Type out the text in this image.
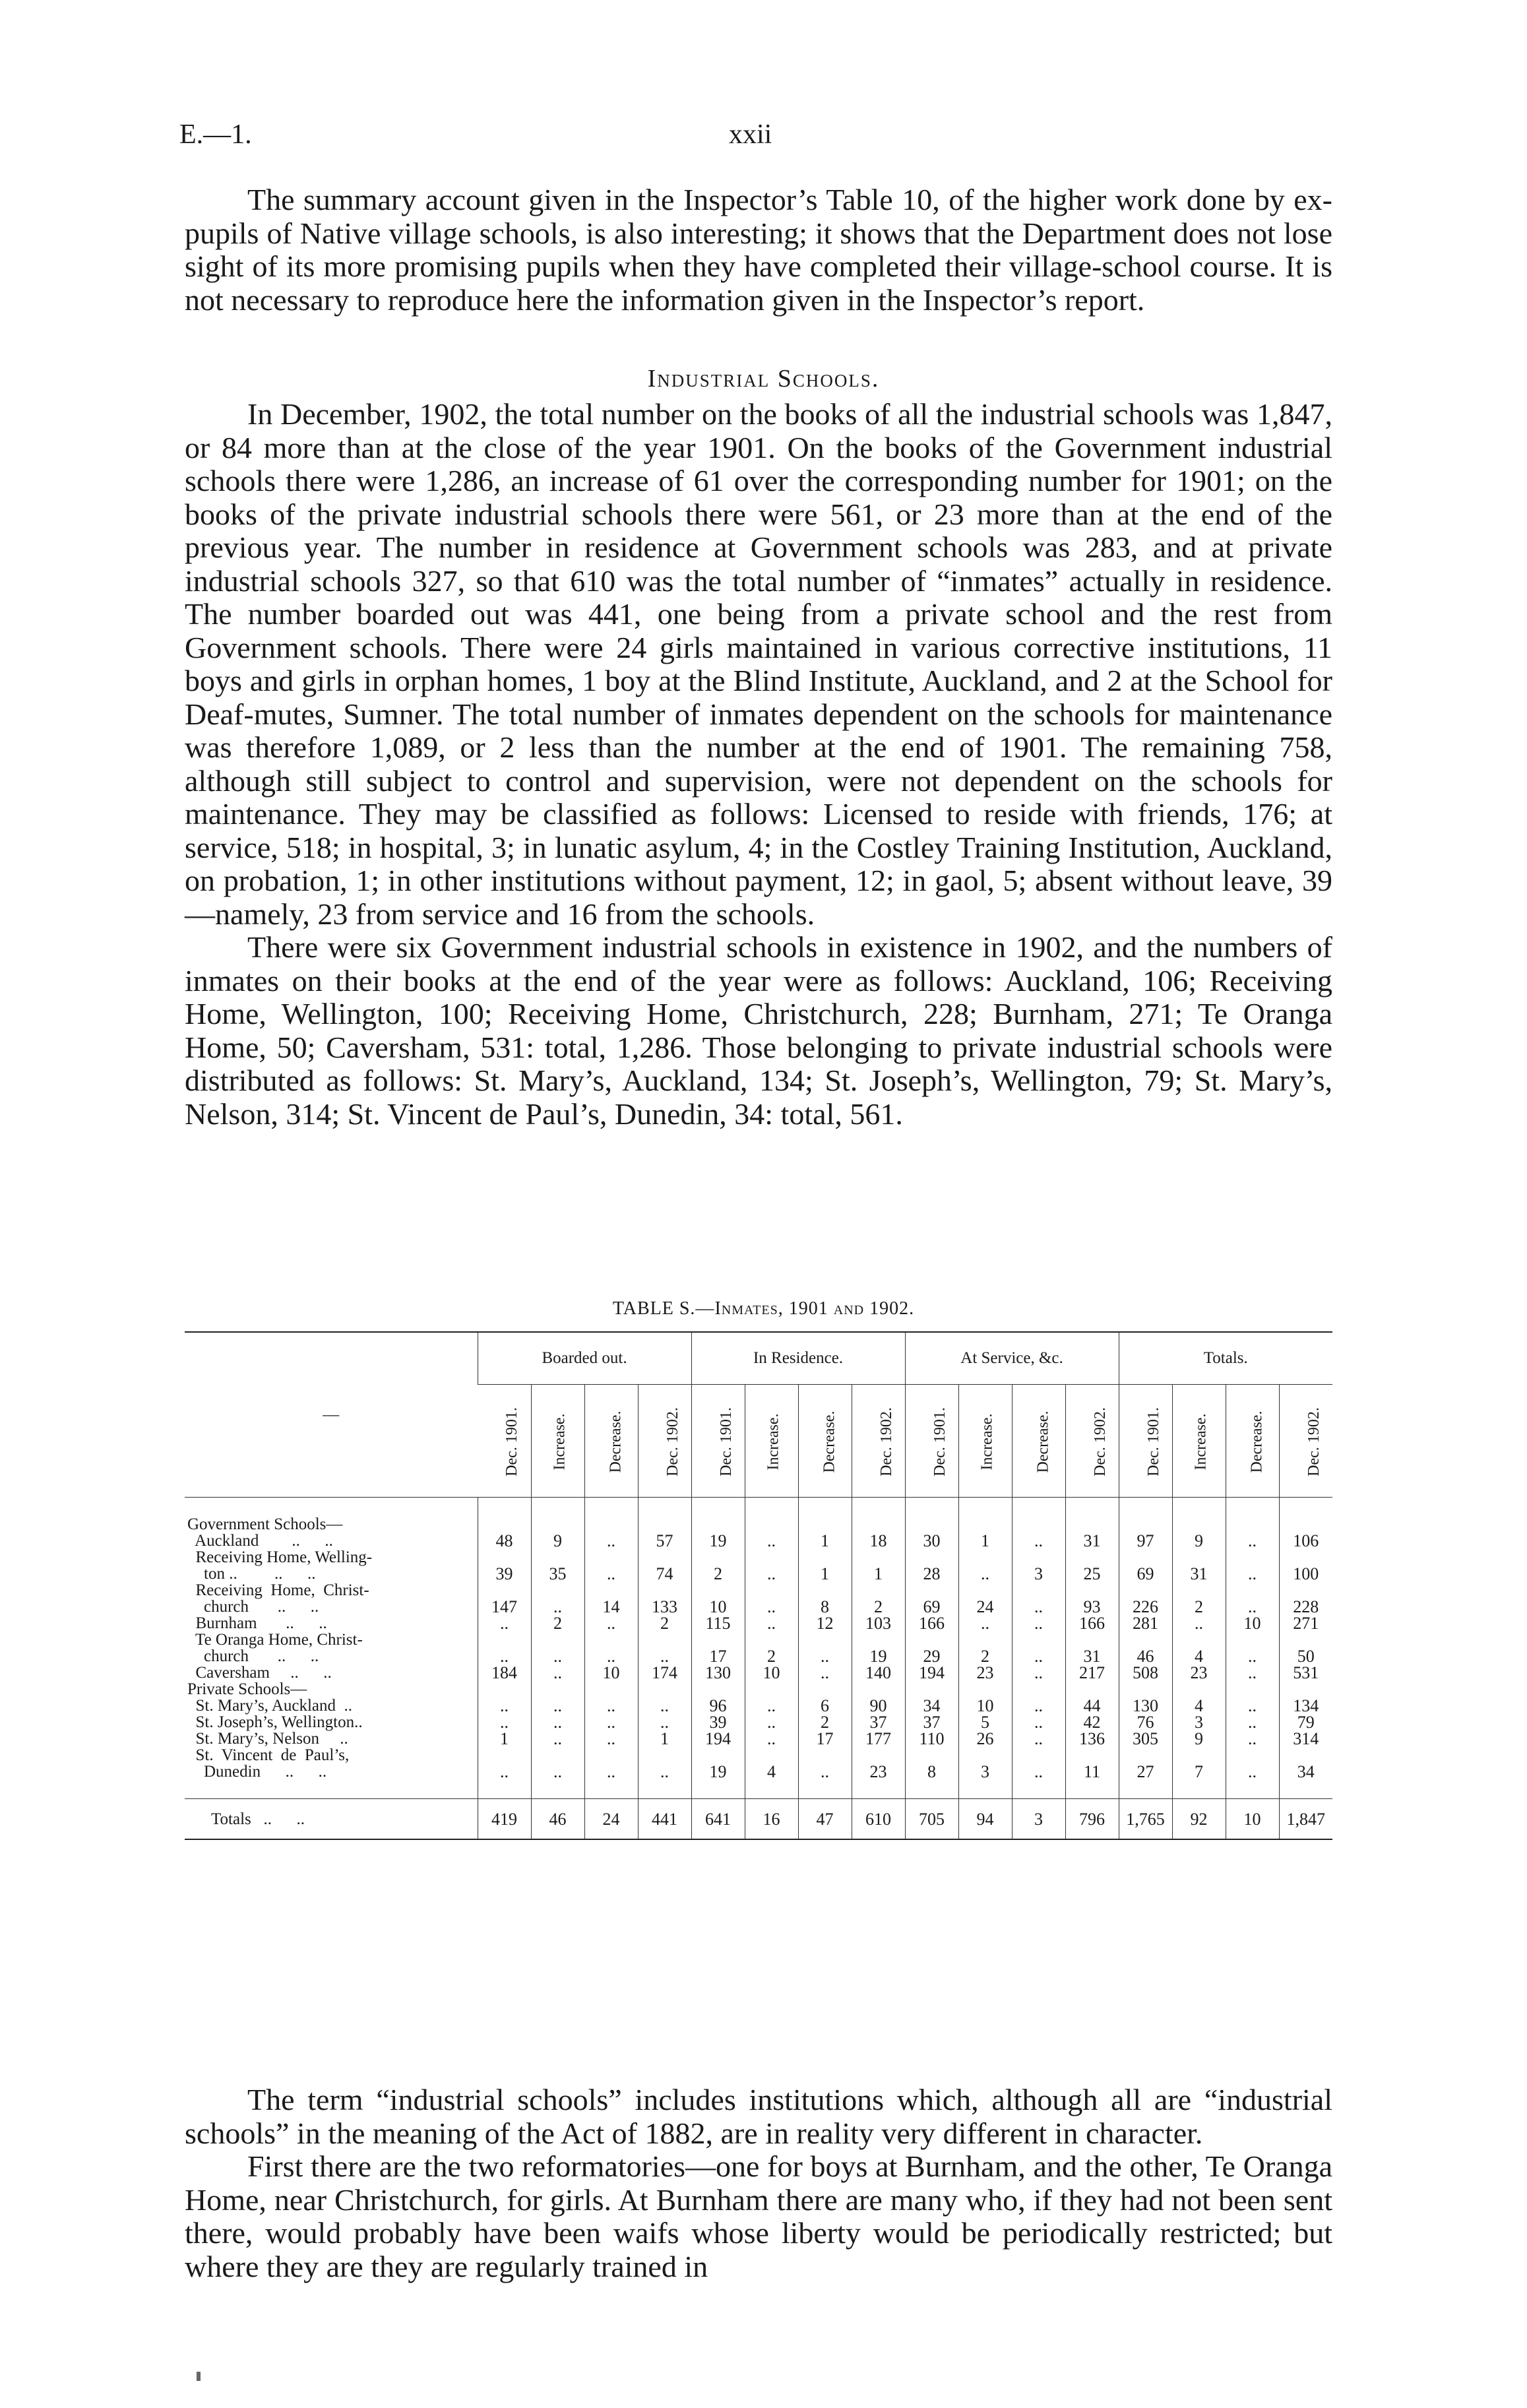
E.—1.	xxii

The summary account given in the Inspector’s Table 10, of the higher work done by ex-pupils of Native village schools, is also interesting; it shows that the Department does not lose sight of its more promising pupils when they have completed their village-school course. It is not necessary to reproduce here the information given in the Inspector’s report.

Industrial Schools.

In December, 1902, the total number on the books of all the industrial schools was 1,847, or 84 more than at the close of the year 1901. On the books of the Government industrial schools there were 1,286, an increase of 61 over the corresponding number for 1901; on the books of the private industrial schools there were 561, or 23 more than at the end of the previous year. The number in residence at Government schools was 283, and at private industrial schools 327, so that 610 was the total number of “inmates” actually in residence. The number boarded out was 441, one being from a private school and the rest from Government schools. There were 24 girls maintained in various corrective institutions, 11 boys and girls in orphan homes, 1 boy at the Blind Institute, Auckland, and 2 at the School for Deaf-mutes, Sumner. The total number of inmates dependent on the schools for maintenance was therefore 1,089, or 2 less than the number at the end of 1901. The remaining 758, although still subject to control and supervision, were not dependent on the schools for maintenance. They may be classified as follows: Licensed to reside with friends, 176; at service, 518; in hospital, 3; in lunatic asylum, 4; in the Costley Training Institution, Auckland, on probation, 1; in other institutions without payment, 12; in gaol, 5; absent without leave, 39—namely, 23 from service and 16 from the schools.

There were six Government industrial schools in existence in 1902, and the numbers of inmates on their books at the end of the year were as follows: Auckland, 106; Receiving Home, Wellington, 100; Receiving Home, Christchurch, 228; Burnham, 271; Te Oranga Home, 50; Caversham, 531: total, 1,286. Those belonging to private industrial schools were distributed as follows: St. Mary’s, Auckland, 134; St. Joseph’s, Wellington, 79; St. Mary’s, Nelson, 314; St. Vincent de Paul’s, Dunedin, 34: total, 561.

TABLE S.—Inmates, 1901 and 1902.
—	Boarded out.				In Residence.				At Service, &c.				Totals.			
	Dec. 1901.	Increase.	Decrease.	Dec. 1902.	Dec. 1901.	Increase.	Decrease.	Dec. 1902.	Dec. 1901.	Increase.	Decrease.	Dec. 1902.	Dec. 1901.	Increase.	Decrease.	Dec. 1902.

Government Schools—																
Auckland        ..      ..	48	9	..	57	19	..	1	18	30	1	..	31	97	9	..	106
Receiving Home, Welling-																
ton ..         ..      ..	39	35	..	74	2	..	1	1	28	..	3	25	69	31	..	100
Receiving  Home,  Christ-																
church       ..      ..	147	..	14	133	10	..	8	2	69	24	..	93	226	2	..	228
Burnham       ..      ..	..	2	..	2	115	..	12	103	166	..	..	166	281	..	10	271
Te Oranga Home, Christ-																
church       ..      ..	..	..	..	..	17	2	..	19	29	2	..	31	46	4	..	50
Caversham     ..      ..	184	..	10	174	130	10	..	140	194	23	..	217	508	23	..	531
Private Schools—																
St. Mary’s, Auckland  ..	..	..	..	..	96	..	6	90	34	10	..	44	130	4	..	134
St. Joseph’s, Wellington..	..	..	..	..	39	..	2	37	37	5	..	42	76	3	..	79
St. Mary’s, Nelson     ..	1	..	..	1	194	..	17	177	110	26	..	136	305	9	..	314
St.  Vincent  de  Paul’s,																
Dunedin      ..      ..	..	..	..	..	19	4	..	23	8	3	..	11	27	7	..	34

Totals   ..      ..	419	46	24	441	641	16	47	610	705	94	3	796	1,765	92	10	1,847

The term “industrial schools” includes institutions which, although all are “industrial schools” in the meaning of the Act of 1882, are in reality very different in character.

First there are the two reformatories—one for boys at Burnham, and the other, Te Oranga Home, near Christchurch, for girls. At Burnham there are many who, if they had not been sent there, would probably have been waifs whose liberty would be periodically restricted; but where they are they are regularly trained in
